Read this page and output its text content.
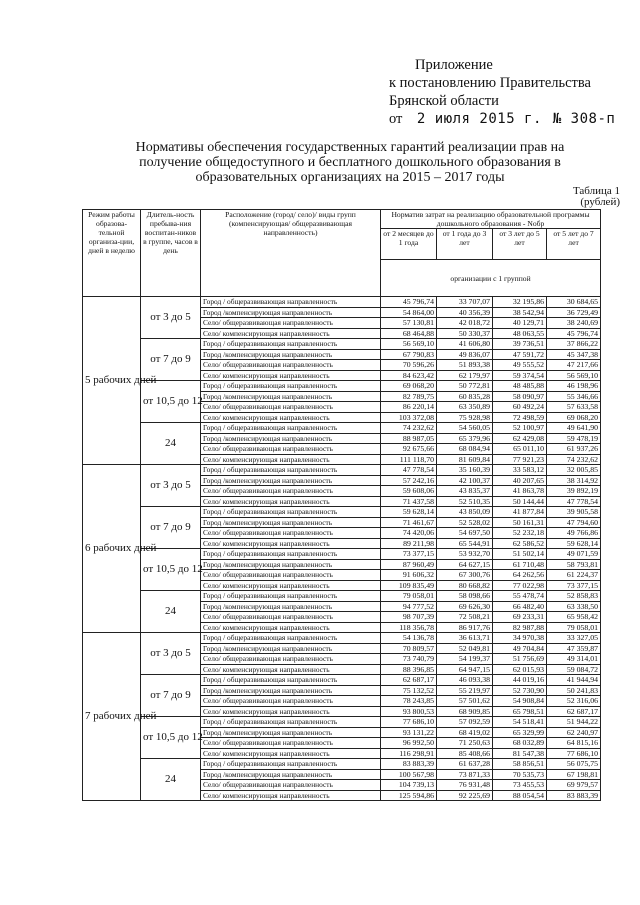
Приложение
к постановлению Правительства
Брянской области
от 2 июля 2015 г. № 308-п
Нормативы обеспечения государственных гарантий реализации прав на получение общедоступного и бесплатного дошкольного образования в образовательных организациях на 2015 – 2017 годы
Таблица 1
(рублей)
Режим работы образова-тельной организа-ции, дней в неделю	Длитель-ность пребыва-ния воспитан-ников в группе, часов в день	Расположение (город/ село)/ виды групп (компенсирующая/ общеразвивающая направленность)	Норматив затрат на реализацию образовательной программы дошкольного образования - Nобр			
			от 2 месяцев до 1 года	от 1 года до 3 лет	от 3 лет до 5 лет	от 5 лет до 7 лет
			организации с 1 группой			
5 рабочих дней	от 3 до 5	Город / общеразвивающая направленность	45 796,74	33 707,07	32 195,86	30 684,65
		Город /компенсирующая направленность	54 864,00	40 356,39	38 542,94	36 729,49
		Село/ общеразвивающая направленность	57 130,81	42 018,72	40 129,71	38 240,69
		Село/ компенсирующая направленность	68 464,88	50 330,37	48 063,55	45 796,74
	от 7 до 9	Город / общеразвивающая направленность	56 569,10	41 606,80	39 736,51	37 866,22
		Город /компенсирующая направленность	67 790,83	49 836,07	47 591,72	45 347,38
		Село/ общеразвивающая направленность	70 596,26	51 893,38	49 555,52	47 217,66
		Село/ компенсирующая направленность	84 623,42	62 179,97	59 374,54	56 569,10
	от 10,5 до 12	Город / общеразвивающая направленность	69 068,20	50 772,81	48 485,88	46 198,96
		Город /компенсирующая направленность	82 789,75	60 835,28	58 090,97	55 346,66
		Село/ общеразвивающая направленность	86 220,14	63 350,89	60 492,24	57 633,58
		Село/ компенсирующая направленность	103 372,08	75 928,98	72 498,59	69 068,20
	24	Город / общеразвивающая направленность	74 232,62	54 560,05	52 100,97	49 641,90
		Город /компенсирующая направленность	88 987,05	65 379,96	62 429,08	59 478,19
		Село/ общеразвивающая направленность	92 675,66	68 084,94	65 011,10	61 937,26
		Село/ компенсирующая направленность	111 118,70	81 609,84	77 921,23	74 232,62
6 рабочих дней	от 3 до 5	Город / общеразвивающая направленность	47 778,54	35 160,39	33 583,12	32 005,85
		Город /компенсирующая направленность	57 242,16	42 100,37	40 207,65	38 314,92
		Село/ общеразвивающая направленность	59 608,06	43 835,37	41 863,78	39 892,19
		Село/ компенсирующая направленность	71 437,58	52 510,35	50 144,44	47 778,54
	от 7 до 9	Город / общеразвивающая направленность	59 628,14	43 850,09	41 877,84	39 905,58
		Город /компенсирующая направленность	71 461,67	52 528,02	50 161,31	47 794,60
		Село/ общеразвивающая направленность	74 420,06	54 697,50	52 232,18	49 766,86
		Село/ компенсирующая направленность	89 211,98	65 544,91	62 586,52	59 628,14
	от 10,5 до 12	Город / общеразвивающая направленность	73 377,15	53 932,70	51 502,14	49 071,59
		Город /компенсирующая направленность	87 960,49	64 627,15	61 710,48	58 793,81
		Село/ общеразвивающая направленность	91 606,32	67 300,76	64 262,56	61 224,37
		Село/ компенсирующая направленность	109 835,49	80 668,82	77 022,98	73 377,15
	24	Город / общеразвивающая направленность	79 058,01	58 098,66	55 478,74	52 858,83
		Город /компенсирующая направленность	94 777,52	69 626,30	66 482,40	63 338,50
		Село/ общеразвивающая направленность	98 707,39	72 508,21	69 233,31	65 958,42
		Село/ компенсирующая направленность	118 356,78	86 917,76	82 987,88	79 058,01
7 рабочих дней	от 3 до 5	Город / общеразвивающая направленность	54 136,78	36 613,71	34 970,38	33 327,05
		Город /компенсирующая направленность	70 809,57	52 049,81	49 704,84	47 359,87
		Село/ общеразвивающая направленность	73 740,79	54 199,37	51 756,69	49 314,01
		Село/ компенсирующая направленность	88 396,85	64 947,15	62 015,93	59 084,72
	от 7 до 9	Город / общеразвивающая направленность	62 687,17	46 093,38	44 019,16	41 944,94
		Город /компенсирующая направленность	75 132,52	55 219,97	52 730,90	50 241,83
		Село/ общеразвивающая направленность	78 243,85	57 501,62	54 908,84	52 316,06
		Село/ компенсирующая направленность	93 800,53	68 909,85	65 798,51	62 687,17
	от 10,5 до 12	Город / общеразвивающая направленность	77 686,10	57 092,59	54 518,41	51 944,22
		Город /компенсирующая направленность	93 131,22	68 419,02	65 329,99	62 240,97
		Село/ общеразвивающая направленность	96 992,50	71 250,63	68 032,89	64 815,16
		Село/ компенсирующая направленность	116 298,91	85 408,66	81 547,38	77 686,10
	24	Город / общеразвивающая направленность	83 883,39	61 637,28	58 856,51	56 075,75
		Город /компенсирующая направленность	100 567,98	73 871,33	70 535,73	67 198,81
		Село/ общеразвивающая направленность	104 739,13	76 931,48	73 455,53	69 979,57
		Село/ компенсирующая направленность	125 594,86	92 225,69	88 054,54	83 883,39
